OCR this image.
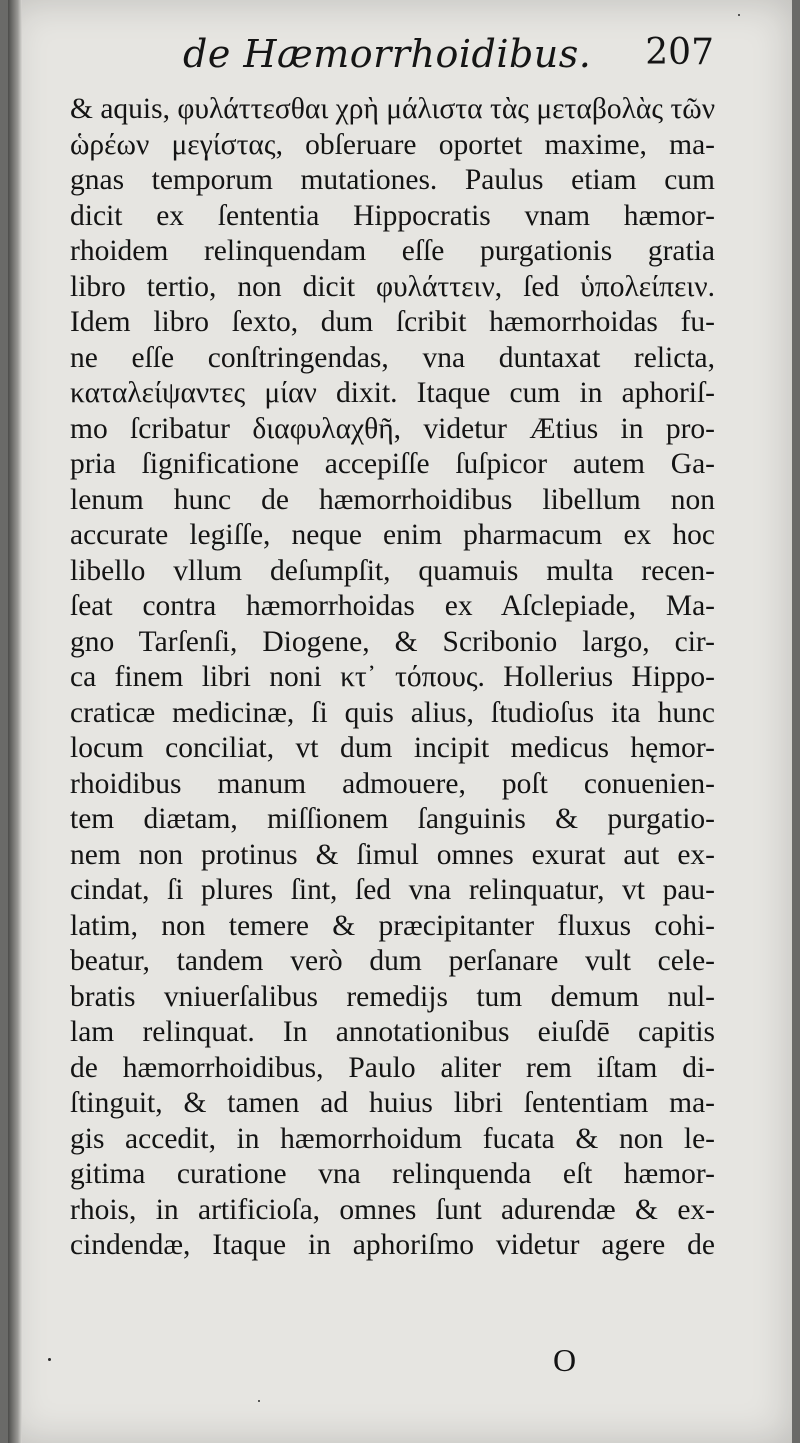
de Hæmorrhoidibus. 207
& aquis, φυλάττεσθαι χρὴ μάλιστα τὰς μεταβολὰς τῶν
ὡρέων μεγίστας, obſeruare oportet maxime, ma-
gnas temporum mutationes. Paulus etiam cum
dicit ex ſententia Hippocratis vnam hæmor-
rhoidem relinquendam eſſe purgationis gratia
libro tertio, non dicit φυλάττειν, ſed ὑπολείπειν.
Idem libro ſexto, dum ſcribit hæmorrhoidas fu-
ne eſſe conſtringendas, vna duntaxat relicta,
καταλείψαντες μίαν dixit. Itaque cum in aphoriſ-
mo ſcribatur διαφυλαχθῆ, videtur Ætius in pro-
pria ſignificatione accepiſſe ſuſpicor autem Ga-
lenum hunc de hæmorrhoidibus libellum non
accurate legiſſe, neque enim pharmacum ex hoc
libello vllum deſumpſit, quamuis multa recen-
ſeat contra hæmorrhoidas ex Aſclepiade, Ma-
gno Tarſenſi, Diogene, & Scribonio largo, cir-
ca finem libri noni κτ᾿ τόπους. Hollerius Hippo-
craticæ medicinæ, ſi quis alius, ſtudioſus ita hunc
locum conciliat, vt dum incipit medicus hęmor-
rhoidibus manum admouere, poſt conuenien-
tem diætam, miſſionem ſanguinis & purgatio-
nem non protinus & ſimul omnes exurat aut ex-
cindat, ſi plures ſint, ſed vna relinquatur, vt pau-
latim, non temere & præcipitanter fluxus cohi-
beatur, tandem verò dum perſanare vult cele-
bratis vniuerſalibus remedijs tum demum nul-
lam relinquat. In annotationibus eiuſdē capitis
de hæmorrhoidibus, Paulo aliter rem iſtam di-
ſtinguit, & tamen ad huius libri ſententiam ma-
gis accedit, in hæmorrhoidum fucata & non le-
gitima curatione vna relinquenda eſt hæmor-
rhois, in artificioſa, omnes ſunt adurendæ & ex-
cindendæ, Itaque in aphoriſmo videtur agere de
O
